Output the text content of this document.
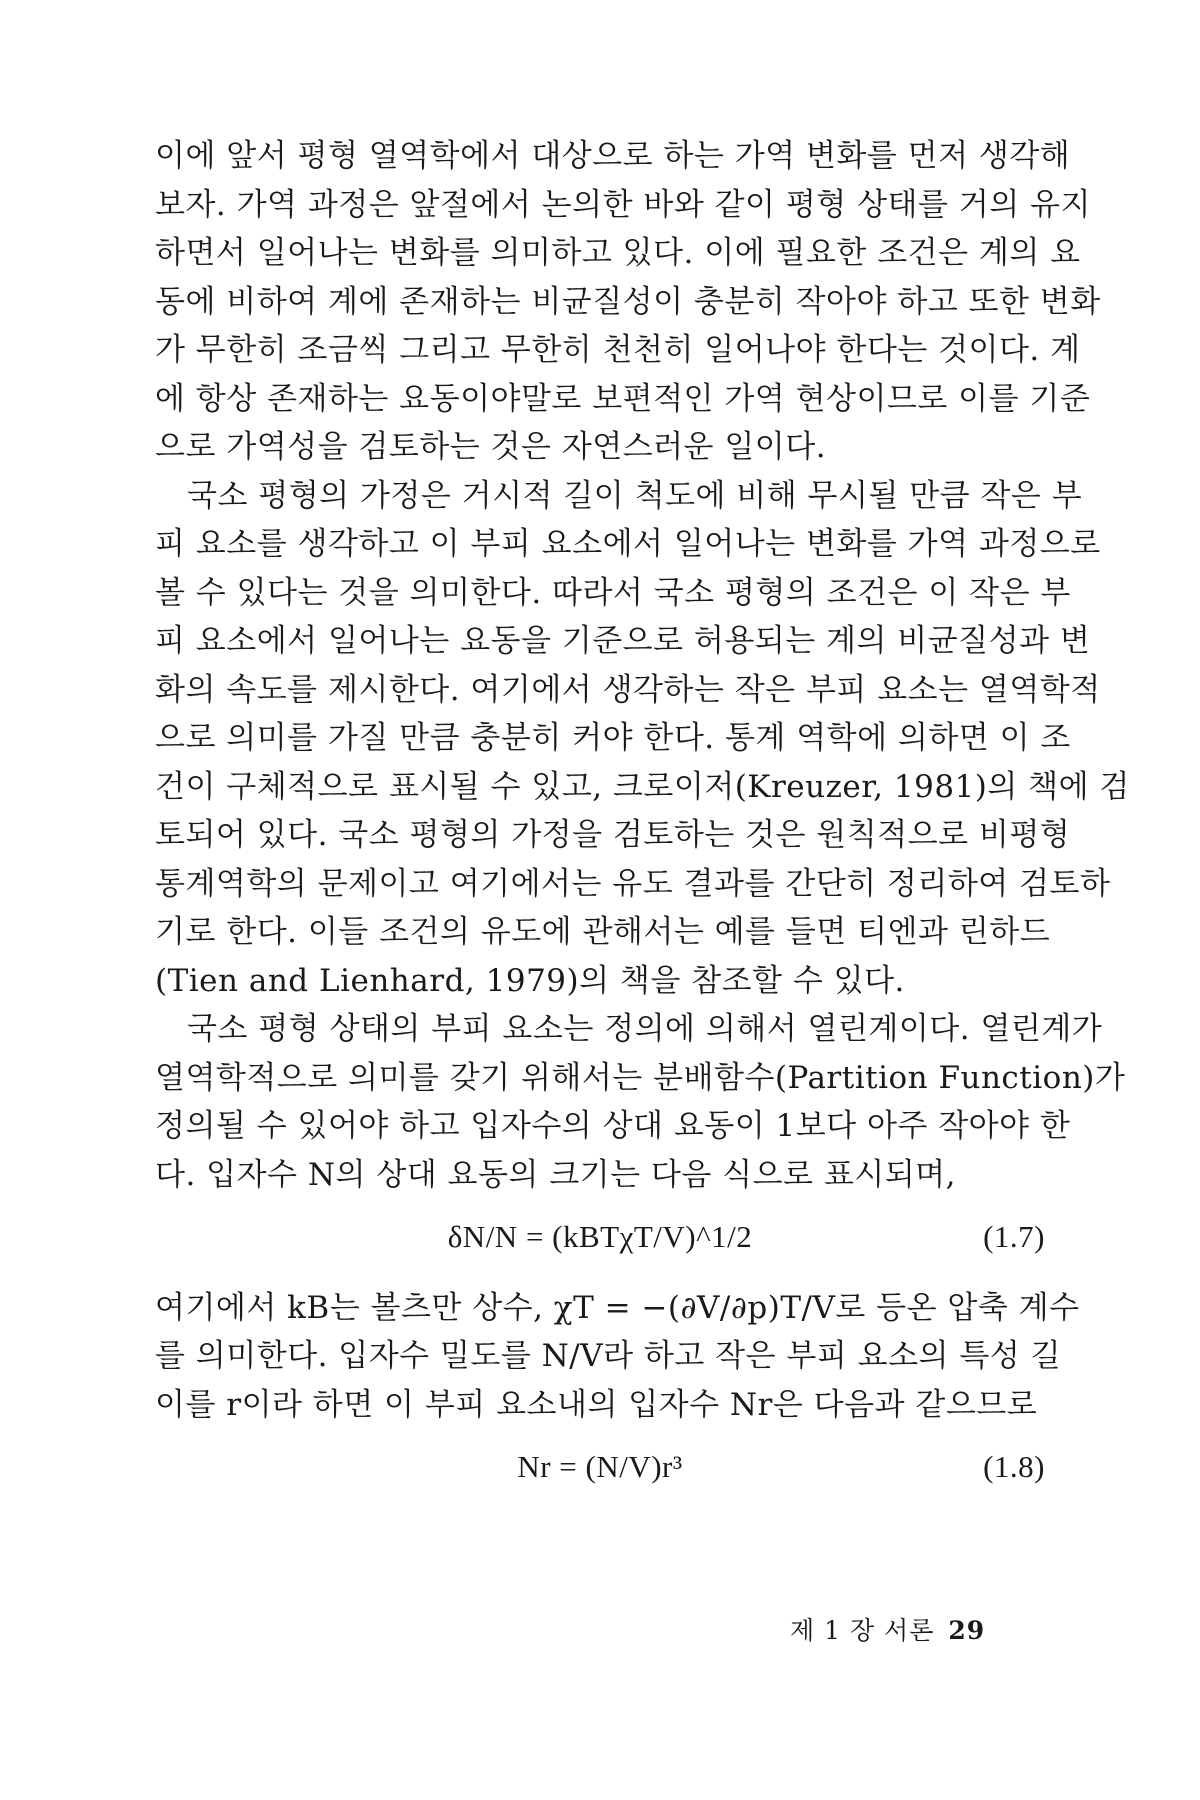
이에 앞서 평형 열역학에서 대상으로 하는 가역 변화를 먼저 생각해
보자. 가역 과정은 앞절에서 논의한 바와 같이 평형 상태를 거의 유지
하면서 일어나는 변화를 의미하고 있다. 이에 필요한 조건은 계의 요
동에 비하여 계에 존재하는 비균질성이 충분히 작아야 하고 또한 변화
가 무한히 조금씩 그리고 무한히 천천히 일어나야 한다는 것이다. 계
에 항상 존재하는 요동이야말로 보편적인 가역 현상이므로 이를 기준
으로 가역성을 검토하는 것은 자연스러운 일이다.
국소 평형의 가정은 거시적 길이 척도에 비해 무시될 만큼 작은 부
피 요소를 생각하고 이 부피 요소에서 일어나는 변화를 가역 과정으로
볼 수 있다는 것을 의미한다. 따라서 국소 평형의 조건은 이 작은 부
피 요소에서 일어나는 요동을 기준으로 허용되는 계의 비균질성과 변
화의 속도를 제시한다. 여기에서 생각하는 작은 부피 요소는 열역학적
으로 의미를 가질 만큼 충분히 커야 한다. 통계 역학에 의하면 이 조
건이 구체적으로 표시될 수 있고, 크로이저(Kreuzer, 1981)의 책에 검
토되어 있다. 국소 평형의 가정을 검토하는 것은 원칙적으로 비평형
통계역학의 문제이고 여기에서는 유도 결과를 간단히 정리하여 검토하
기로 한다. 이들 조건의 유도에 관해서는 예를 들면 티엔과 린하드
(Tien and Lienhard, 1979)의 책을 참조할 수 있다.
국소 평형 상태의 부피 요소는 정의에 의해서 열린계이다. 열린계가
열역학적으로 의미를 갖기 위해서는 분배함수(Partition Function)가
정의될 수 있어야 하고 입자수의 상대 요동이 1보다 아주 작아야 한
다. 입자수 N의 상대 요동의 크기는 다음 식으로 표시되며,
δN/N = (kBTχT/V)^1/2	(1.7)
여기에서 kB는 볼츠만 상수, χT = −(∂V/∂p)T/V로 등온 압축 계수
를 의미한다. 입자수 밀도를 N/V라 하고 작은 부피 요소의 특성 길
이를 r이라 하면 이 부피 요소내의 입자수 Nr은 다음과 같으므로
Nr = (N/V)r³	(1.8)
제 1 장 서론 29
